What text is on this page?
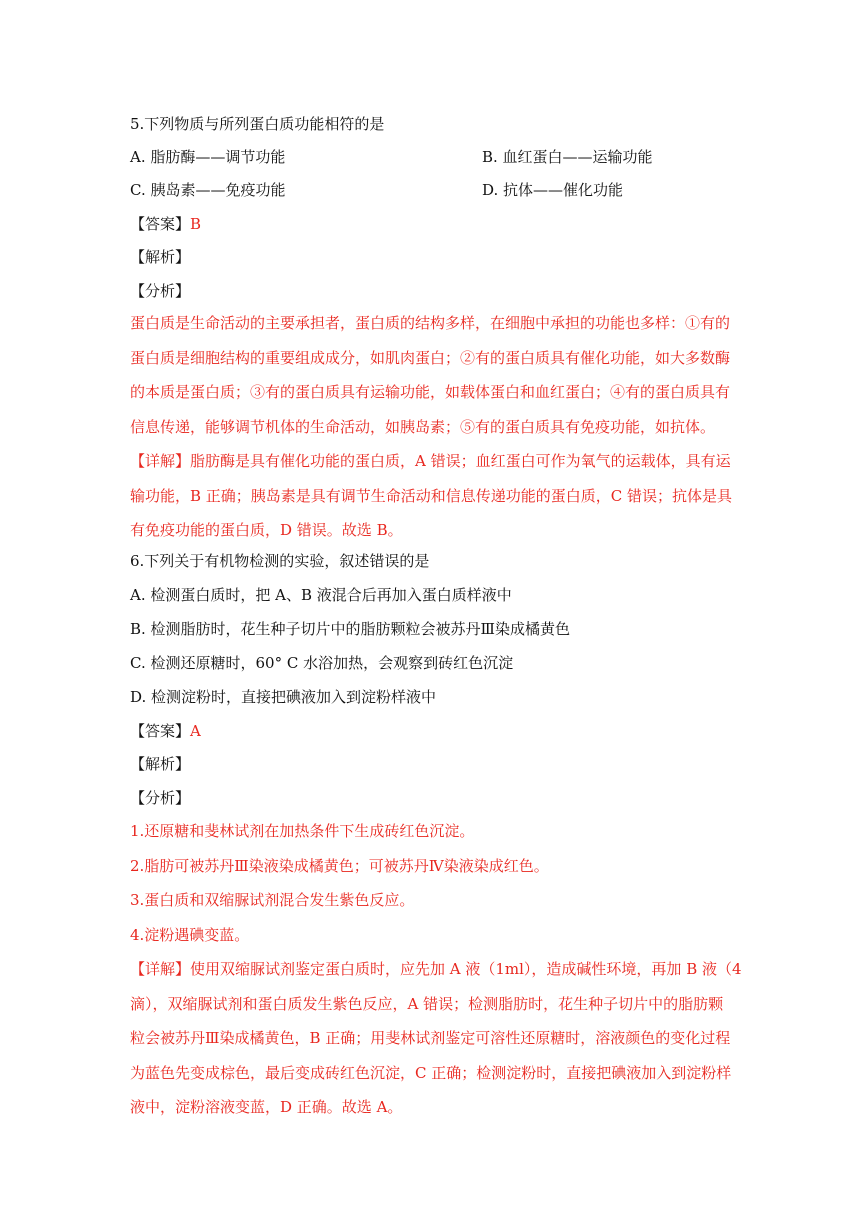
5.下列物质与所列蛋白质功能相符的是
A. 脂肪酶——调节功能	B. 血红蛋白——运输功能
C. 胰岛素——免疫功能	D. 抗体——催化功能
【答案】B
【解析】
【分析】
蛋白质是生命活动的主要承担者，蛋白质的结构多样，在细胞中承担的功能也多样：①有的
蛋白质是细胞结构的重要组成成分，如肌肉蛋白；②有的蛋白质具有催化功能，如大多数酶
的本质是蛋白质；③有的蛋白质具有运输功能，如载体蛋白和血红蛋白；④有的蛋白质具有
信息传递，能够调节机体的生命活动，如胰岛素；⑤有的蛋白质具有免疫功能，如抗体。
【详解】脂肪酶是具有催化功能的蛋白质，A 错误；血红蛋白可作为氧气的运载体，具有运
输功能，B 正确；胰岛素是具有调节生命活动和信息传递功能的蛋白质，C 错误；抗体是具
有免疫功能的蛋白质，D 错误。故选 B。
6.下列关于有机物检测的实验，叙述错误的是
A. 检测蛋白质时，把 A、B 液混合后再加入蛋白质样液中
B. 检测脂肪时，花生种子切片中的脂肪颗粒会被苏丹Ⅲ染成橘黄色
C. 检测还原糖时，60° C 水浴加热，会观察到砖红色沉淀
D. 检测淀粉时，直接把碘液加入到淀粉样液中
【答案】A
【解析】
【分析】
1.还原糖和斐林试剂在加热条件下生成砖红色沉淀。
2.脂肪可被苏丹Ⅲ染液染成橘黄色；可被苏丹Ⅳ染液染成红色。
3.蛋白质和双缩脲试剂混合发生紫色反应。
4.淀粉遇碘变蓝。
【详解】使用双缩脲试剂鉴定蛋白质时，应先加 A 液（1ml），造成碱性环境，再加 B 液（4
滴），双缩脲试剂和蛋白质发生紫色反应，A 错误；检测脂肪时，花生种子切片中的脂肪颗
粒会被苏丹Ⅲ染成橘黄色，B 正确；用斐林试剂鉴定可溶性还原糖时，溶液颜色的变化过程
为蓝色先变成棕色，最后变成砖红色沉淀，C 正确；检测淀粉时，直接把碘液加入到淀粉样
液中，淀粉溶液变蓝，D 正确。故选 A。
